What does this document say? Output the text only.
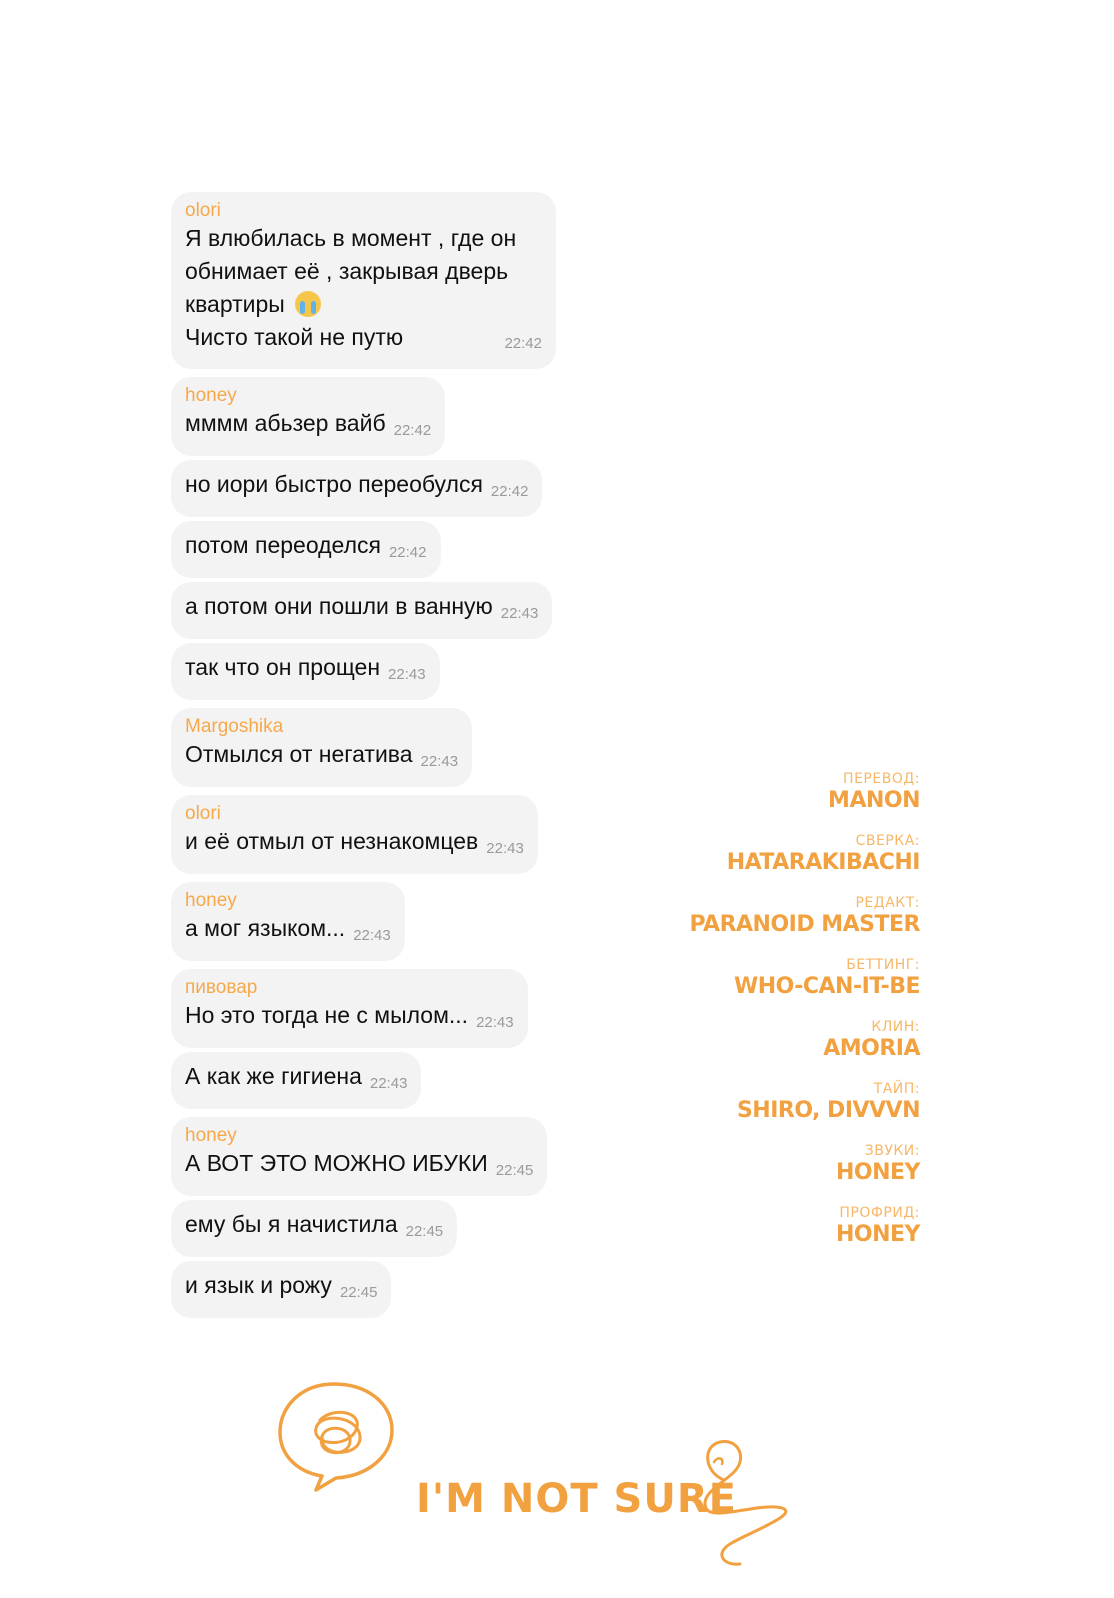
olori
Я влюбилась в момент , где он
обнимает её , закрывая дверь
квартиры
Чисто такой не путю	22:42
honey
мммм абьзер вайб 22:42
но иори быстро переобулся 22:42
потом переоделся 22:42
а потом они пошли в ванную 22:43
так что он прощен 22:43
Margoshika
Отмылся от негатива 22:43
olori
и её отмыл от незнакомцев 22:43
honey
а мог языком... 22:43
пивовар
Но это тогда не с мылом... 22:43
А как же гигиена 22:43
honey
А ВОТ ЭТО МОЖНО ИБУКИ 22:45
ему бы я начистила 22:45
и язык и рожу 22:45
ПЕРЕВОД:
MANON
СВЕРКА:
HATARAKIBACHI
РЕДАКТ:
PARANOID MASTER
БЕТТИНГ:
WHO-CAN-IT-BE
КЛИН:
AMORIA
ТАЙП:
SHIRO, DIVVVN
ЗВУКИ:
HONEY
ПРОФРИД:
HONEY
I'M NOT SURE
